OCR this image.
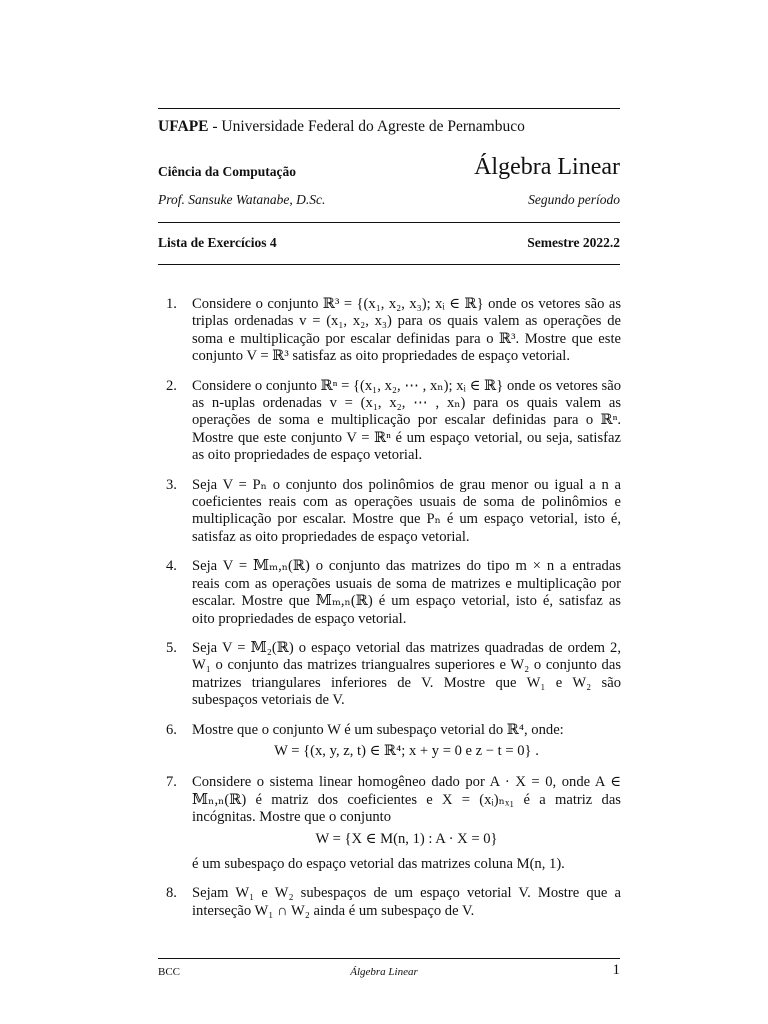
UFAPE - Universidade Federal do Agreste de Pernambuco
Ciência da Computação	Álgebra Linear
Prof. Sansuke Watanabe, D.Sc.	Segundo período
Lista de Exercícios 4	Semestre 2022.2
1. Considere o conjunto ℝ³ = {(x₁, x₂, x₃); xᵢ ∈ ℝ} onde os vetores são as triplas ordenadas v = (x₁, x₂, x₃) para os quais valem as operações de soma e multiplicação por escalar definidas para o ℝ³. Mostre que este conjunto V = ℝ³ satisfaz as oito propriedades de espaço vetorial.
2. Considere o conjunto ℝⁿ = {(x₁, x₂, ⋯ , xₙ); xᵢ ∈ ℝ} onde os vetores são as n-uplas ordenadas v = (x₁, x₂, ⋯ , xₙ) para os quais valem as operações de soma e multiplicação por escalar definidas para o ℝⁿ. Mostre que este conjunto V = ℝⁿ é um espaço vetorial, ou seja, satisfaz as oito propriedades de espaço vetorial.
3. Seja V = Pₙ o conjunto dos polinômios de grau menor ou igual a n a coeficientes reais com as operações usuais de soma de polinômios e multiplicação por escalar. Mostre que Pₙ é um espaço vetorial, isto é, satisfaz as oito propriedades de espaço vetorial.
4. Seja V = 𝕄ₘ,ₙ(ℝ) o conjunto das matrizes do tipo m × n a entradas reais com as operações usuais de soma de matrizes e multiplicação por escalar. Mostre que 𝕄ₘ,ₙ(ℝ) é um espaço vetorial, isto é, satisfaz as oito propriedades de espaço vetorial.
5. Seja V = 𝕄₂(ℝ) o espaço vetorial das matrizes quadradas de ordem 2, W₁ o conjunto das matrizes triangualres superiores e W₂ o conjunto das matrizes triangulares inferiores de V. Mostre que W₁ e W₂ são subespaços vetoriais de V.
6. Mostre que o conjunto W é um subespaço vetorial do ℝ⁴, onde:
W = {(x, y, z, t) ∈ ℝ⁴; x + y = 0 e z − t = 0} .
7. Considere o sistema linear homogêneo dado por A · X = 0, onde A ∈ 𝕄ₙ,ₙ(ℝ) é matriz dos coeficientes e X = (xᵢ)ₙₓ₁ é a matriz das incógnitas. Mostre que o conjunto
W = {X ∈ M(n, 1) : A · X = 0}
é um subespaço do espaço vetorial das matrizes coluna M(n, 1).
8. Sejam W₁ e W₂ subespaços de um espaço vetorial V. Mostre que a interseção W₁ ∩ W₂ ainda é um subespaço de V.
Álgebra Linear
BCC	1
